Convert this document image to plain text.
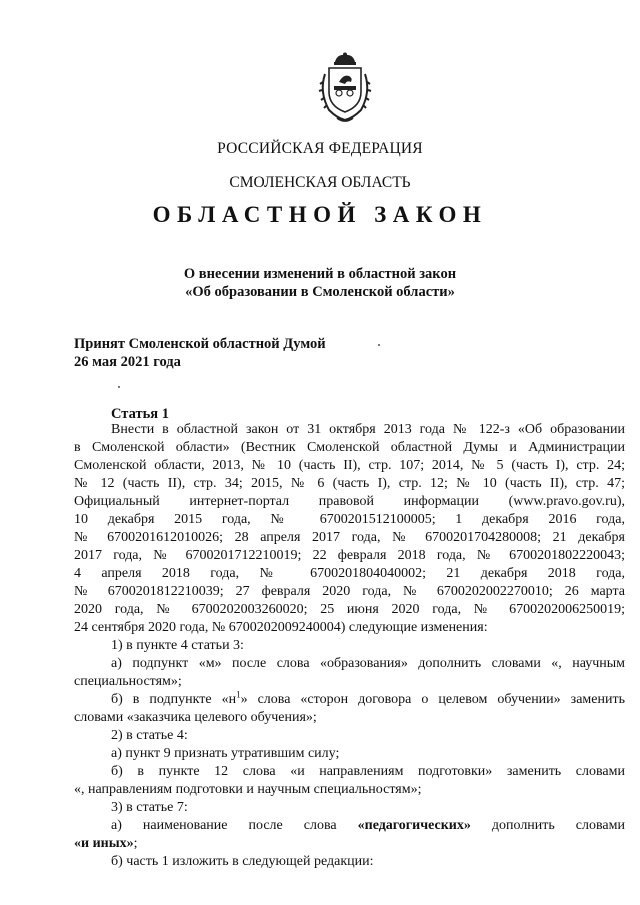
РОССИЙСКАЯ ФЕДЕРАЦИЯ
СМОЛЕНСКАЯ ОБЛАСТЬ
ОБЛАСТНОЙ ЗАКОН
О внесении изменений в областной закон
«Об образовании в Смоленской области»
Принят Смоленской областной Думой
26 мая 2021 года
Статья 1
Внести в областной закон от 31 октября 2013 года № 122-з «Об образовании
в Смоленской области» (Вестник Смоленской областной Думы и Администрации
Смоленской области, 2013, № 10 (часть II), стр. 107; 2014, № 5 (часть I), стр. 24;
№ 12 (часть II), стр. 34; 2015, № 6 (часть I), стр. 12; № 10 (часть II), стр. 47;
Официальный интернет-портал правовой информации (www.pravo.gov.ru),
10 декабря 2015 года, № 6700201512100005; 1 декабря 2016 года,
№ 6700201612010026; 28 апреля 2017 года, № 6700201704280008; 21 декабря
2017 года, № 6700201712210019; 22 февраля 2018 года, № 6700201802220043;
4 апреля 2018 года, № 6700201804040002; 21 декабря 2018 года,
№ 6700201812210039; 27 февраля 2020 года, № 6700202002270010; 26 марта
2020 года, № 6700202003260020; 25 июня 2020 года, № 6700202006250019;
24 сентября 2020 года, № 6700202009240004) следующие изменения:
1) в пункте 4 статьи 3:
а) подпункт «м» после слова «образования» дополнить словами «, научным
специальностям»;
б) в подпункте «$н^1$» слова «сторон договора о целевом обучении» заменить
словами «заказчика целевого обучения»;
2) в статье 4:
а) пункт 9 признать утратившим силу;
б) в пункте 12 слова «и направлениям подготовки» заменить словами
«, направлениям подготовки и научным специальностям»;
3) в статье 7:
а) наименование после слова «педагогических» дополнить словами
«и иных»;
б) часть 1 изложить в следующей редакции:
